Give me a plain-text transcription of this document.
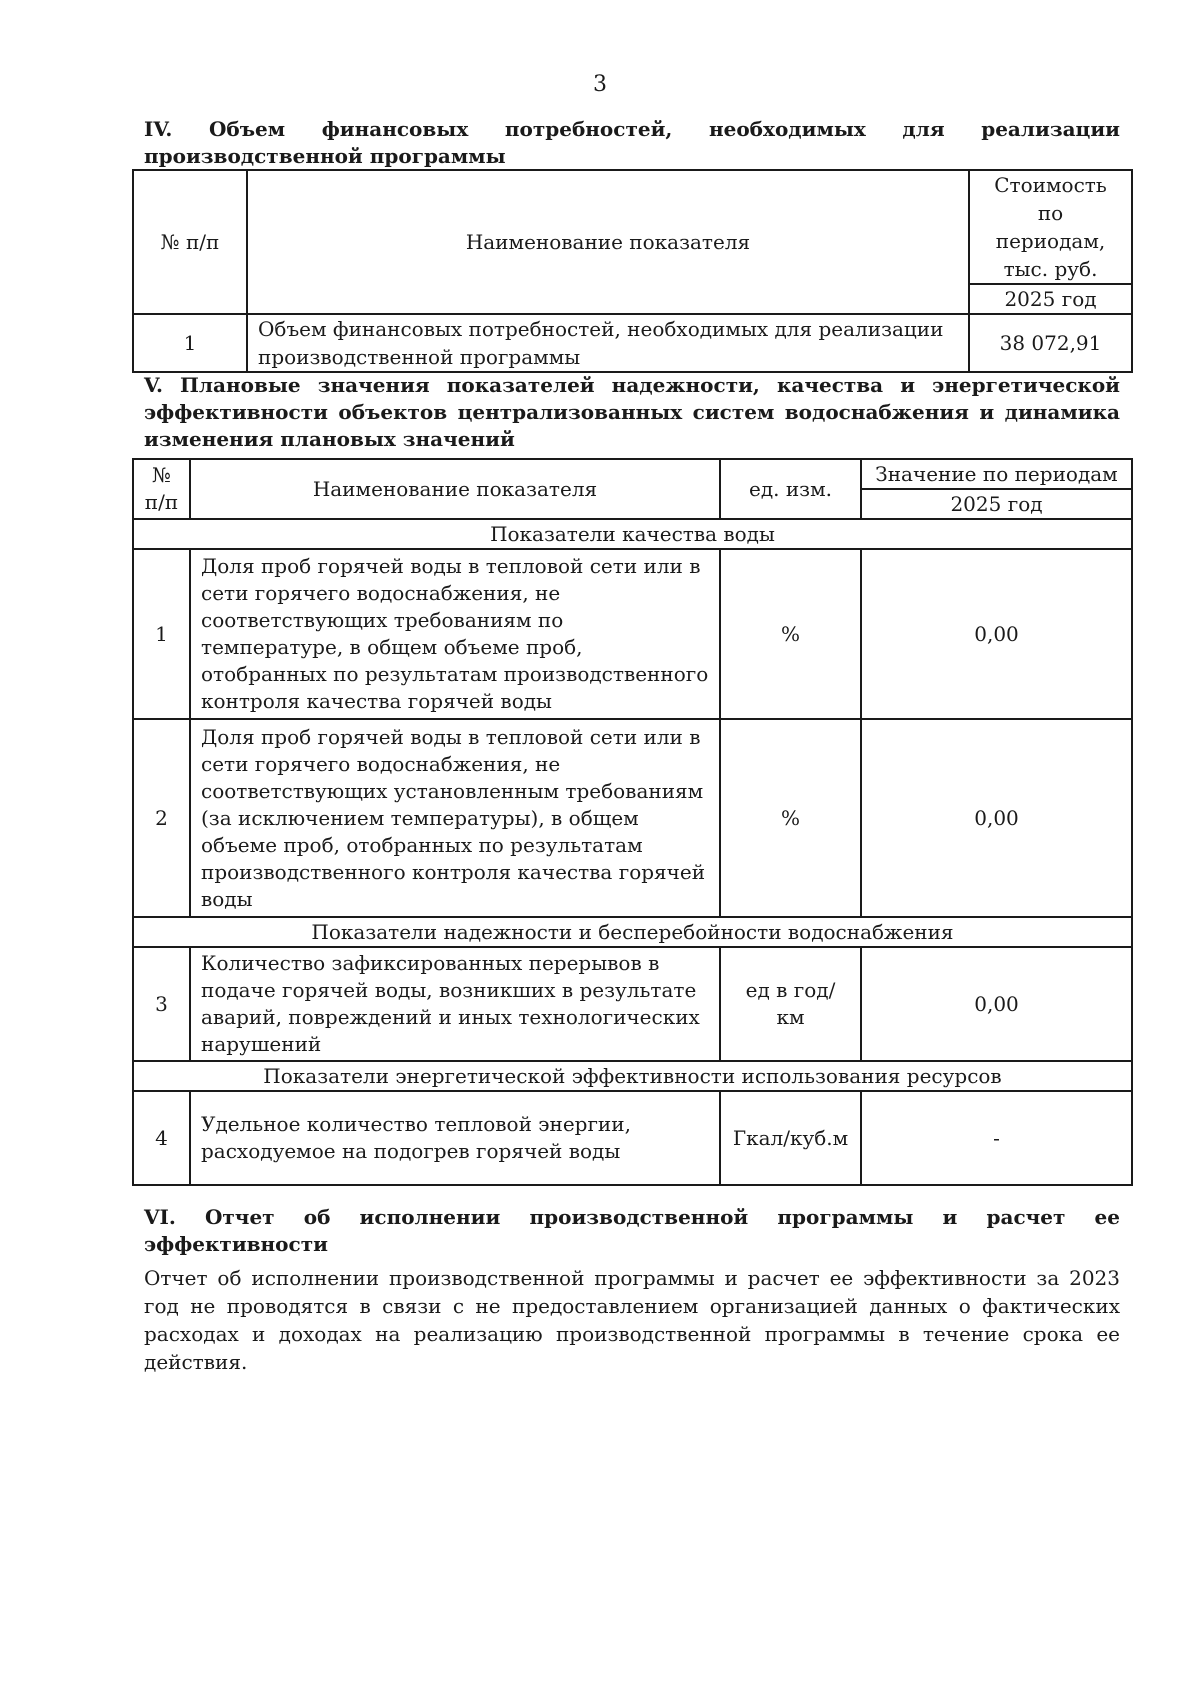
3
IV. Объем финансовых потребностей, необходимых для реализации производственной программы
№ п/п	Наименование показателя	Стоимость по периодам, тыс. руб.
		2025 год
1	Объем финансовых потребностей, необходимых для реализации производственной программы	38 072,91
V. Плановые значения показателей надежности, качества и энергетической эффективности объектов централизованных систем водоснабжения и динамика изменения плановых значений
№ п/п	Наименование показателя	ед. изм.	Значение по периодам
			2025 год
Показатели качества воды			
1	Доля проб горячей воды в тепловой сети или в сети горячего водоснабжения, не соответствующих требованиям по температуре, в общем объеме проб, отобранных по результатам производственного контроля качества горячей воды	%	0,00
2	Доля проб горячей воды в тепловой сети или в сети горячего водоснабжения, не соответствующих установленным требованиям (за исключением температуры), в общем объеме проб, отобранных по результатам производственного контроля качества горячей воды	%	0,00
Показатели надежности и бесперебойности водоснабжения			
3	Количество зафиксированных перерывов в подаче горячей воды, возникших в результате аварий, повреждений и иных технологических нарушений	ед в год/ км	0,00
Показатели энергетической эффективности использования ресурсов			
4	Удельное количество тепловой энергии, расходуемое на подогрев горячей воды	Гкал/куб.м	-
VI. Отчет об исполнении производственной программы и расчет ее эффективности
Отчет об исполнении производственной программы и расчет ее эффективности за 2023 год не проводятся в связи с не предоставлением организацией данных о фактических расходах и доходах на реализацию производственной программы в течение срока ее действия.
